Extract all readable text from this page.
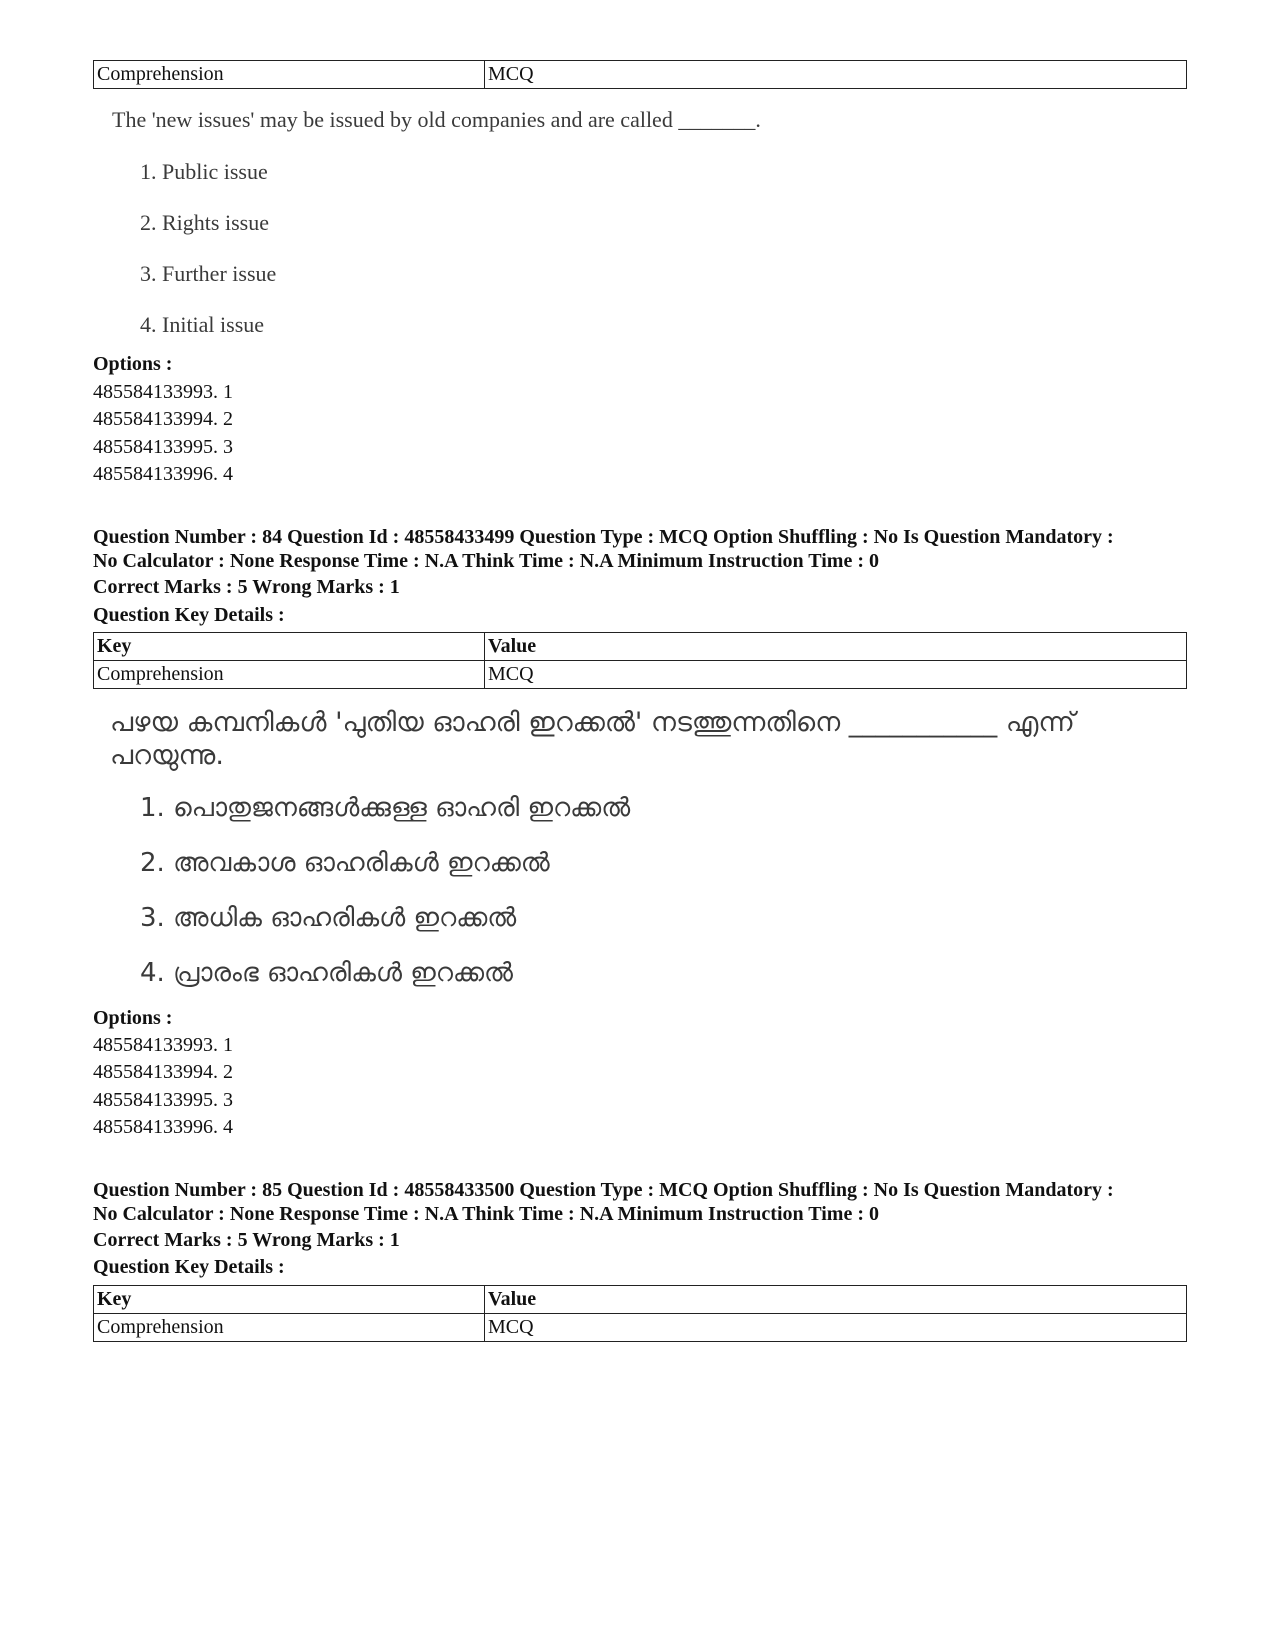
Comprehension	MCQ
The 'new issues' may be issued by old companies and are called _______.
1. Public issue
2. Rights issue
3. Further issue
4. Initial issue
Options :
485584133993. 1
485584133994. 2
485584133995. 3
485584133996. 4
Question Number : 84 Question Id : 48558433499 Question Type : MCQ Option Shuffling : No Is Question Mandatory :
No Calculator : None Response Time : N.A Think Time : N.A Minimum Instruction Time : 0
Correct Marks : 5 Wrong Marks : 1
Question Key Details :
Key	Value
Comprehension	MCQ
പഴയ കമ്പനികൾ 'പുതിയ ഓഹരി ഇറക്കൽ' നടത്തുന്നതിനെ ___________ എന്ന് പറയുന്നു.
1. പൊതുജനങ്ങൾക്കുള്ള ഓഹരി ഇറക്കൽ
2. അവകാശ ഓഹരികൾ ഇറക്കൽ
3. അധിക ഓഹരികൾ ഇറക്കൽ
4. പ്രാരംഭ ഓഹരികൾ ഇറക്കൽ
Options :
485584133993. 1
485584133994. 2
485584133995. 3
485584133996. 4
Question Number : 85 Question Id : 48558433500 Question Type : MCQ Option Shuffling : No Is Question Mandatory :
No Calculator : None Response Time : N.A Think Time : N.A Minimum Instruction Time : 0
Correct Marks : 5 Wrong Marks : 1
Question Key Details :
Key	Value
Comprehension	MCQ
